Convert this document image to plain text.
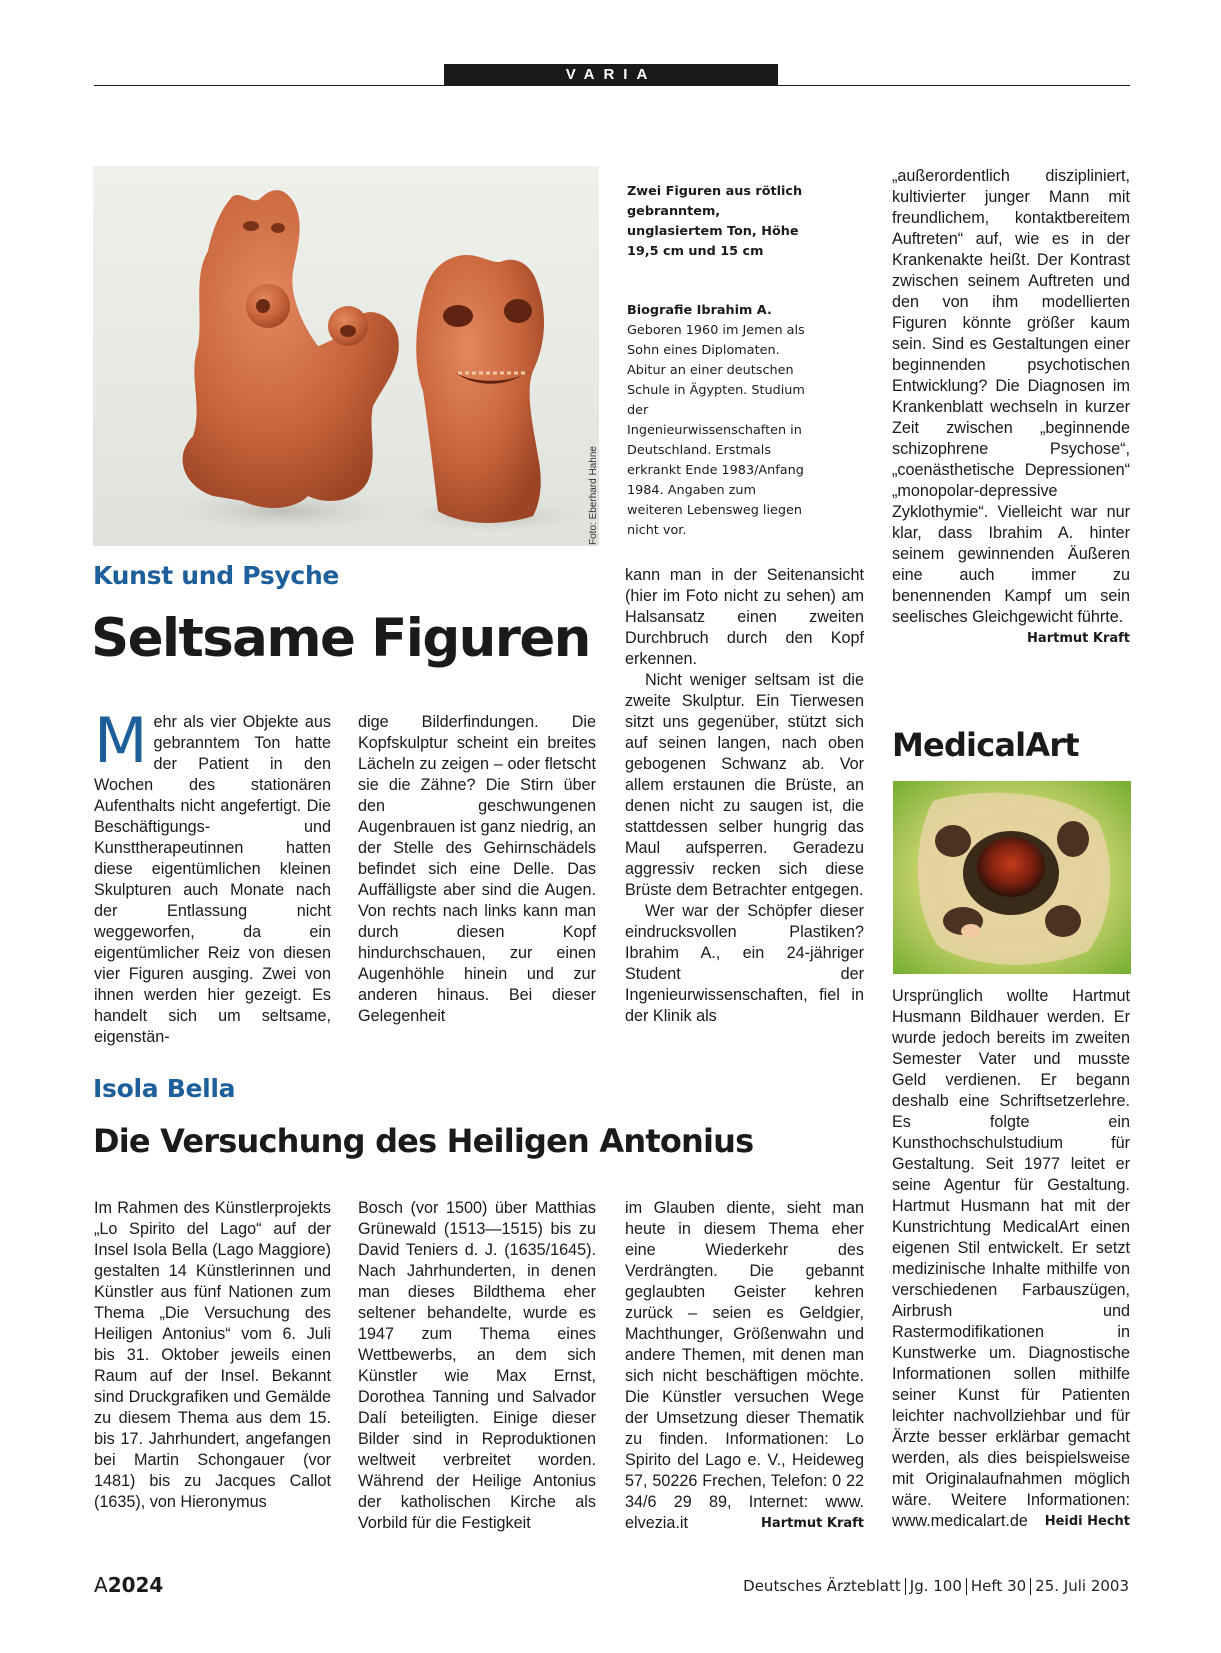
VARIA
Foto: Eberhard Hahne
Zwei Figuren aus rötlich gebranntem, unglasiertem Ton, Höhe 19,5 cm und 15 cm
Biografie Ibrahim A.
Geboren 1960 im Jemen als Sohn eines Diplomaten. Abitur an einer deutschen Schule in Ägypten. Studium der Ingenieurwissenschaften in Deutschland. Erstmals erkrankt Ende 1983/Anfang 1984. Angaben zum weiteren Lebensweg liegen nicht vor.
Kunst und Psyche
Seltsame Figuren
Mehr als vier Objekte aus gebranntem Ton hatte der Patient in den Wochen des stationären Aufenthalts nicht angefertigt. Die Beschäftigungs- und Kunsttherapeutinnen hatten diese eigentümlichen kleinen Skulpturen auch Monate nach der Entlassung nicht weggeworfen, da ein eigentümlicher Reiz von diesen vier Figuren ausging. Zwei von ihnen werden hier gezeigt. Es handelt sich um seltsame, eigenstän-

dige Bilderfindungen. Die Kopfskulptur scheint ein breites Lächeln zu zeigen – oder fletscht sie die Zähne? Die Stirn über den geschwungenen Augenbrauen ist ganz niedrig, an der Stelle des Gehirnschädels befindet sich eine Delle. Das Auffälligste aber sind die Augen. Von rechts nach links kann man durch diesen Kopf hindurchschauen, zur einen Augenhöhle hinein und zur anderen hinaus. Bei dieser Gelegenheit

kann man in der Seitenansicht (hier im Foto nicht zu sehen) am Halsansatz einen zweiten Durchbruch durch den Kopf erkennen.

Nicht weniger seltsam ist die zweite Skulptur. Ein Tierwesen sitzt uns gegenüber, stützt sich auf seinen langen, nach oben gebogenen Schwanz ab. Vor allem erstaunen die Brüste, an denen nicht zu saugen ist, die stattdessen selber hungrig das Maul aufsperren. Geradezu aggressiv recken sich diese Brüste dem Betrachter entgegen.

Wer war der Schöpfer dieser eindrucksvollen Plastiken? Ibrahim A., ein 24-jähriger Student der Ingenieurwissenschaften, fiel in der Klinik als

„außerordentlich diszipliniert, kultivierter junger Mann mit freundlichem, kontaktbereitem Auftreten“ auf, wie es in der Krankenakte heißt. Der Kontrast zwischen seinem Auftreten und den von ihm modellierten Figuren könnte größer kaum sein. Sind es Gestaltungen einer beginnenden psychotischen Entwicklung? Die Diagnosen im Krankenblatt wechseln in kurzer Zeit zwischen „beginnende schizophrene Psychose“, „coenästhetische Depressionen“ „monopolar-depressive Zyklothymie“. Vielleicht war nur klar, dass Ibrahim A. hinter seinem gewinnenden Äußeren eine auch immer zu benennenden Kampf um sein seelisches Gleichgewicht führte.
Hartmut Kraft

Isola Bella
Die Versuchung des Heiligen Antonius

Im Rahmen des Künstlerprojekts „Lo Spirito del Lago“ auf der Insel Isola Bella (Lago Maggiore) gestalten 14 Künstlerinnen und Künstler aus fünf Nationen zum Thema „Die Versuchung des Heiligen Antonius“ vom 6. Juli bis 31. Oktober jeweils einen Raum auf der Insel. Bekannt sind Druckgrafiken und Gemälde zu diesem Thema aus dem 15. bis 17. Jahrhundert, angefangen bei Martin Schongauer (vor 1481) bis zu Jacques Callot (1635), von Hieronymus

Bosch (vor 1500) über Matthias Grünewald (1513—1515) bis zu David Teniers d. J. (1635/1645). Nach Jahrhunderten, in denen man dieses Bildthema eher seltener behandelte, wurde es 1947 zum Thema eines Wettbewerbs, an dem sich Künstler wie Max Ernst, Dorothea Tanning und Salvador Dalí beteiligten. Einige dieser Bilder sind in Reproduktionen weltweit verbreitet worden. Während der Heilige Antonius der katholischen Kirche als Vorbild für die Festigkeit

im Glauben diente, sieht man heute in diesem Thema eher eine Wiederkehr des Verdrängten. Die gebannt geglaubten Geister kehren zurück – seien es Geldgier, Machthunger, Größenwahn und andere Themen, mit denen man sich nicht beschäftigen möchte. Die Künstler versuchen Wege der Umsetzung dieser Thematik zu finden. Informationen: Lo Spirito del Lago e. V., Heideweg 57, 50226 Frechen, Telefon: 0 22 34/6 29 89, Internet: www. elvezia.it	Hartmut Kraft

MedicalArt

Ursprünglich wollte Hartmut Husmann Bildhauer werden. Er wurde jedoch bereits im zweiten Semester Vater und musste Geld verdienen. Er begann deshalb eine Schriftsetzerlehre. Es folgte ein Kunsthochschulstudium für Gestaltung. Seit 1977 leitet er seine Agentur für Gestaltung. Hartmut Husmann hat mit der Kunstrichtung MedicalArt einen eigenen Stil entwickelt. Er setzt medizinische Inhalte mithilfe von verschiedenen Farbauszügen, Airbrush und Rastermodifikationen in Kunstwerke um. Diagnostische Informationen sollen mithilfe seiner Kunst für Patienten leichter nachvollziehbar und für Ärzte besser erklärbar gemacht werden, als dies beispielsweise mit Originalaufnahmen möglich wäre. Weitere Informationen: www.medicalart.de Heidi Hecht

A2024	Deutsches Ärzteblatt Jg. 100 Heft 30 25. Juli 2003
